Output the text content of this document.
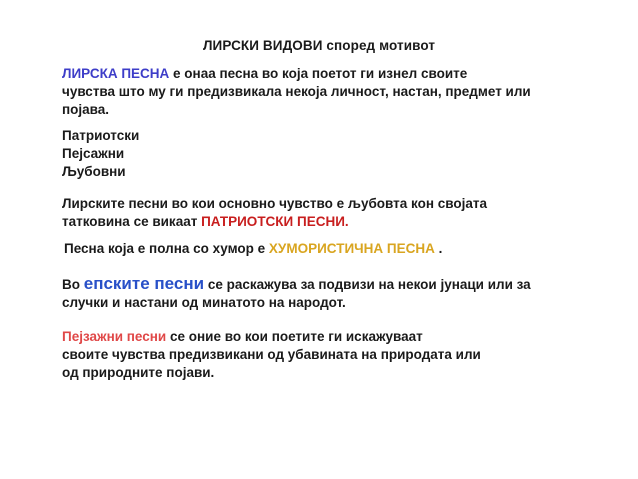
ЛИРСКИ ВИДОВИ според мотивот
ЛИРСКА ПЕСНА е онаа песна во која поетот ги изнел своите
чувства што му ги предизвикала некоја личност, настан, предмет или
појава.
Патриотски
Пејсажни
Љубовни
Лирските песни во кои основно чувство е љубовта кон својата
татковина се викаат ПАТРИОТСКИ ПЕСНИ.
Песна која е полна со хумор е ХУМОРИСТИЧНА ПЕСНА .
Во епските песни се раскажува за подвизи на некои јунаци или за
случки и настани од минатото на народот.
Пејзажни песни се оние во кои поетите ги искажуваат
своите чувства предизвикани од убавината на природата или
од природните појави.
